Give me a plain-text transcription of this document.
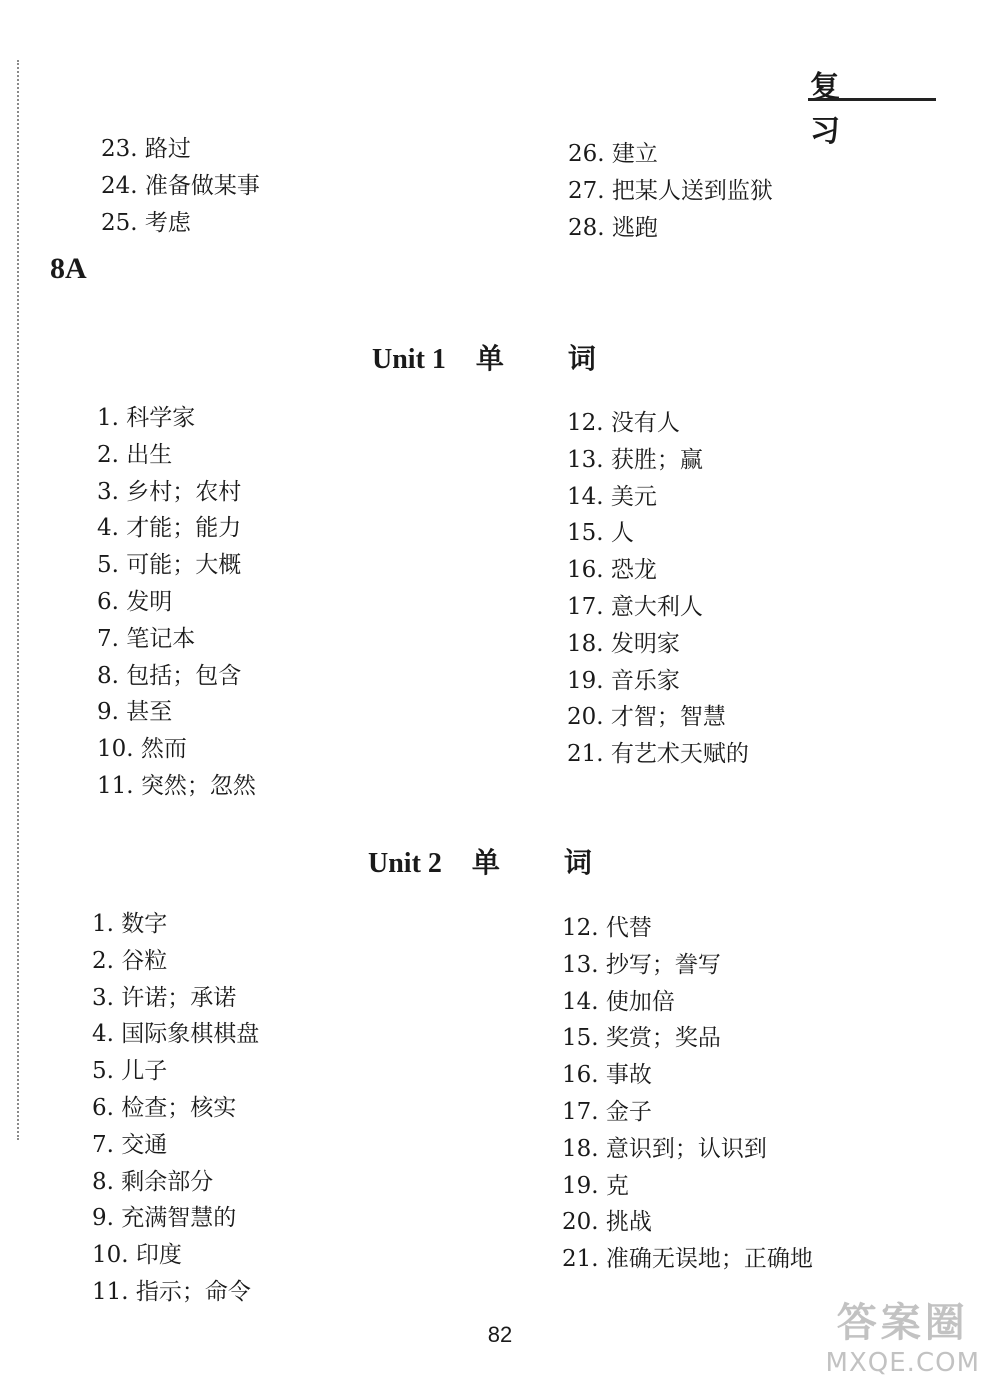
复习
23. 路过
24. 准备做某事
25. 考虑
26. 建立
27. 把某人送到监狱
28. 逃跑
8A
Unit 1 单 词
1. 科学家
2. 出生
3. 乡村；农村
4. 才能；能力
5. 可能；大概
6. 发明
7. 笔记本
8. 包括；包含
9. 甚至
10. 然而
11. 突然；忽然
12. 没有人
13. 获胜；赢
14. 美元
15. 人
16. 恐龙
17. 意大利人
18. 发明家
19. 音乐家
20. 才智；智慧
21. 有艺术天赋的
Unit 2 单 词
1. 数字
2. 谷粒
3. 许诺；承诺
4. 国际象棋棋盘
5. 儿子
6. 检查；核实
7. 交通
8. 剩余部分
9. 充满智慧的
10. 印度
11. 指示；命令
12. 代替
13. 抄写；誊写
14. 使加倍
15. 奖赏；奖品
16. 事故
17. 金子
18. 意识到；认识到
19. 克
20. 挑战
21. 准确无误地；正确地
82	答案圈
MXQE.COM
